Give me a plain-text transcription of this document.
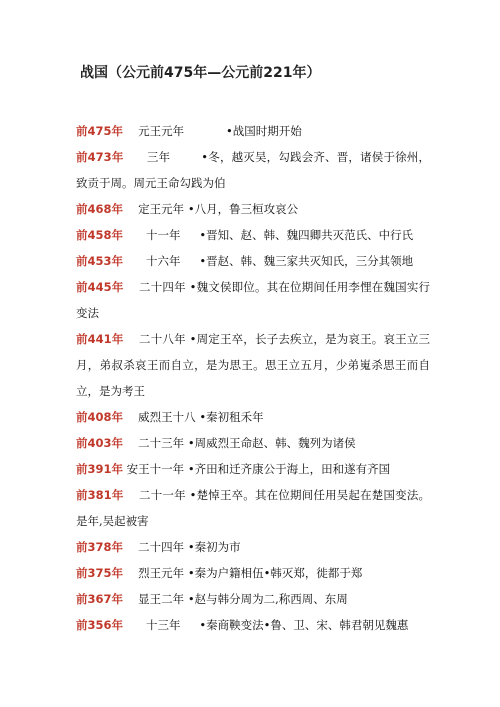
战国（公元前475年—公元前221年）
前475年　 元王元年 　　　 •战国时期开始
前473年　　三年 　　 •冬，越灭吴，勾践会齐、晋，诸侯于徐州，致贡于周。周元王命勾践为伯
前468年　 定王元年 •八月，鲁三桓攻哀公
前458年　　十一年 　 •晋知、赵、韩、魏四卿共灭范氏、中行氏
前453年　　十六年 　 •晋赵、韩、魏三家共灭知氏，三分其领地
前445年　 二十四年 •魏文侯即位。其在位期间任用李悝在魏国实行变法
前441年　 二十八年 •周定王卒，长子去疾立，是为哀王。哀王立三月，弟叔杀哀王而自立，是为思王。思王立五月，少弟嵬杀思王而自立，是为考王
前408年　 威烈王十八 •秦初租禾年
前403年　 二十三年 •周威烈王命赵、韩、魏列为诸侯
前391年 安王十一年 •齐田和迁齐康公于海上，田和遂有齐国
前381年　 二十一年 •楚悼王卒。其在位期间任用吴起在楚国变法。是年,吴起被害
前378年　 二十四年 •秦初为市
前375年　 烈王元年 •秦为户籍相伍•韩灭郑，徙都于郑
前367年　 显王二年 •赵与韩分周为二,称西周、东周
前356年　　十三年 　 •秦商鞅变法•鲁、卫、宋、韩君朝见魏惠
